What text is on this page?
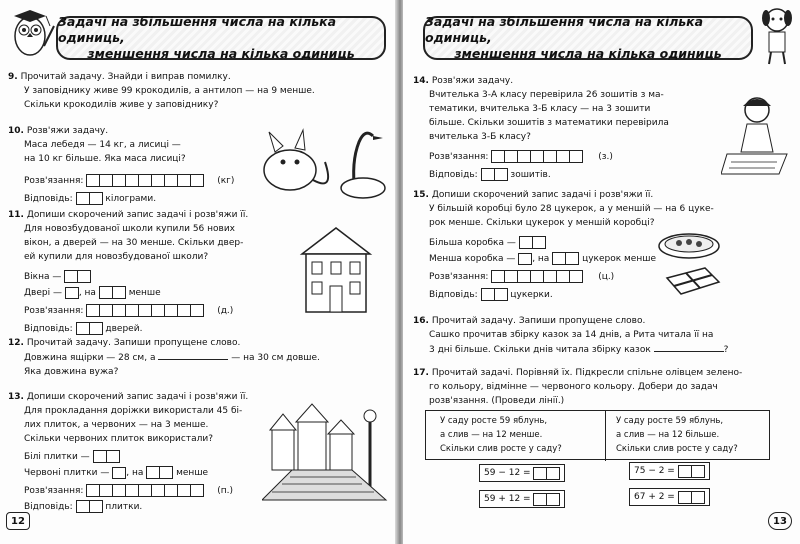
Задачі на збільшення числа на кілька одиниць,
зменшення числа на кілька одиниць
9. Прочитай задачу. Знайди і виправ помилку.
У заповіднику живе 99 крокодилів, а антилоп — на 9 менше.
Скільки крокодилів живе у заповіднику?
10. Розв'яжи задачу.
Маса лебедя — 14 кг, а лисиці —
на 10 кг більше. Яка маса лисиці?
Розв'язання:	(кг)
Відповідь:	кілограми.
11. Допиши скорочений запис задачі і розв'яжи її.
Для новозбудованої школи купили 56 нових
вікон, а дверей — на 30 менше. Скільки двер-
ей купили для новозбудованої школи?
Вікна —
Двері — , на	менше
Розв'язання:	(д.)
Відповідь:	дверей.
12. Прочитай задачу. Запиши пропущене слово.
Довжина ящірки — 28 см, а	— на 30 см довше.
Яка довжина вужа?
13. Допиши скорочений запис задачі і розв'яжи її.
Для прокладання доріжки використали 45 бі-
лих плиток, а червоних — на 3 менше.
Скільки червоних плиток використали?
Білі плитки —
Червоні плитки — , на	менше
Розв'язання:	(п.)
Відповідь:	плитки.
12
Задачі на збільшення числа на кілька одиниць,
зменшення числа на кілька одиниць
14. Розв'яжи задачу.
Вчителька 3-А класу перевірила 26 зошитів з ма-
тематики, вчителька 3-Б класу — на 3 зошити
більше. Скільки зошитів з математики перевірила
вчителька 3-Б класу?
Розв'язання:	(з.)
Відповідь:	зошитів.
15. Допиши скорочений запис задачі і розв'яжи її.
У більшій коробці було 28 цукерок, а у меншій — на 6 цуке-
рок менше. Скільки цукерок у меншій коробці?
Більша коробка —
Менша коробка — , на	цукерок менше
Розв'язання:	(ц.)
Відповідь:	цукерки.
16. Прочитай задачу. Запиши пропущене слово.
Сашко прочитав збірку казок за 14 днів, а Рита читала її на
3 дні більше. Скільки днів читала збірку казок	?
17. Прочитай задачі. Порівняй їх. Підкресли спільне олівцем зелено-
го кольору, відмінне — червоного кольору. Добери до задач
розв'язання. (Проведи лінії.)
У саду росте 59 яблунь,
а слив — на 12 менше.
Скільки слив росте у саду?
У саду росте 59 яблунь,
а слив — на 12 більше.
Скільки слив росте у саду?
59 − 12 =

59 + 12 =

75 − 2 =

67 + 2 =

13
